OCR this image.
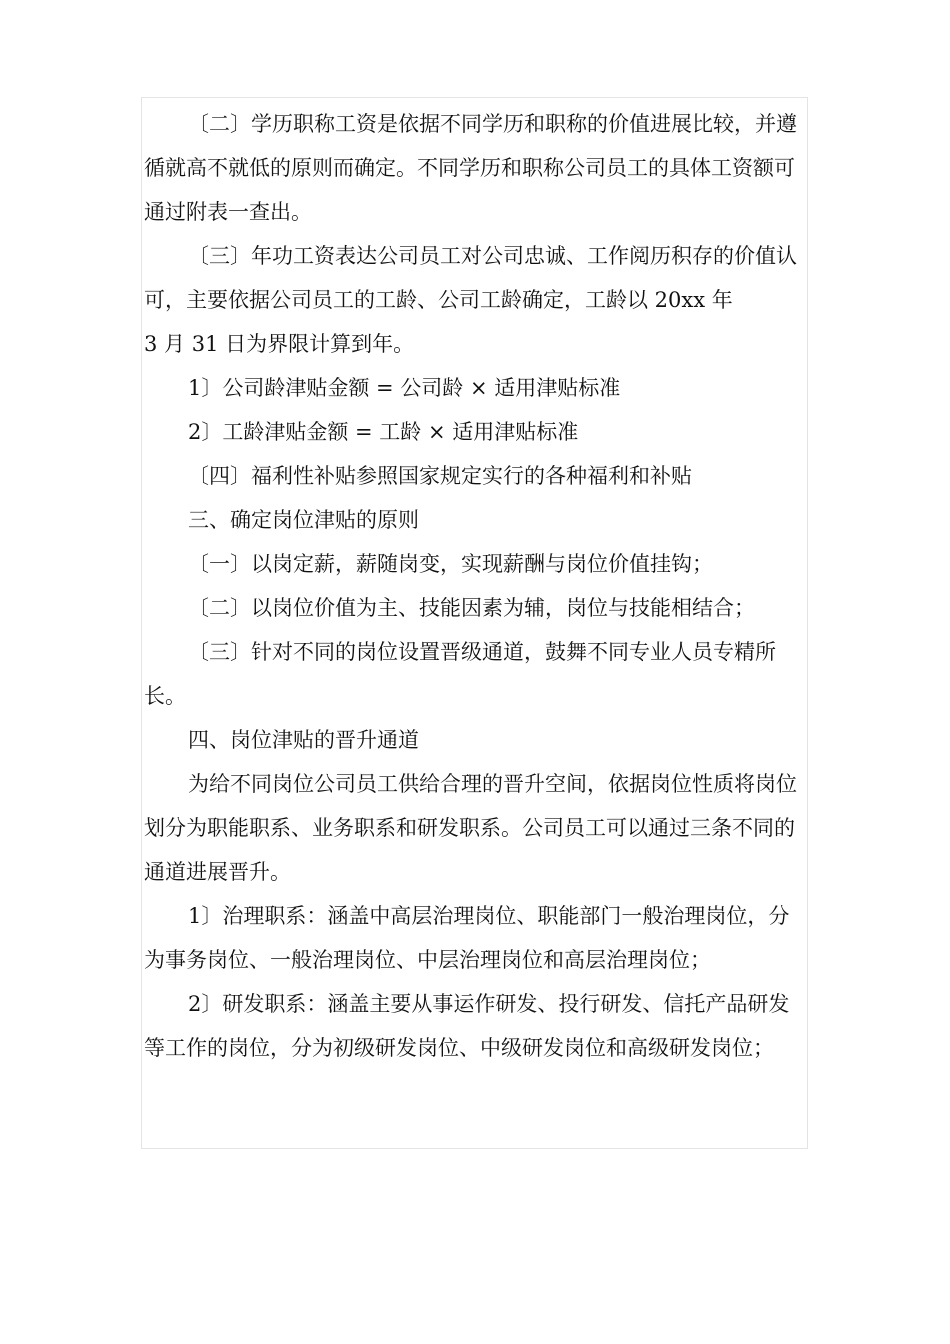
〔二〕学历职称工资是依据不同学历和职称的价值进展比较，并遵循就高不就低的原则而确定。不同学历和职称公司员工的具体工资额可通过附表一查出。

〔三〕年功工资表达公司员工对公司忠诚、工作阅历积存的价值认可，主要依据公司员工的工龄、公司工龄确定，工龄以 20xx 年

3 月 31 日为界限计算到年。

1〕公司龄津贴金额 = 公司龄 × 适用津贴标准

2〕工龄津贴金额 = 工龄 × 适用津贴标准

〔四〕福利性补贴参照国家规定实行的各种福利和补贴

三、确定岗位津贴的原则

〔一〕以岗定薪，薪随岗变，实现薪酬与岗位价值挂钩；

〔二〕以岗位价值为主、技能因素为辅，岗位与技能相结合；

〔三〕针对不同的岗位设置晋级通道，鼓舞不同专业人员专精所长。

四、岗位津贴的晋升通道

为给不同岗位公司员工供给合理的晋升空间，依据岗位性质将岗位划分为职能职系、业务职系和研发职系。公司员工可以通过三条不同的通道进展晋升。

1〕治理职系：涵盖中高层治理岗位、职能部门一般治理岗位，分为事务岗位、一般治理岗位、中层治理岗位和高层治理岗位；

2〕研发职系：涵盖主要从事运作研发、投行研发、信托产品研发等工作的岗位，分为初级研发岗位、中级研发岗位和高级研发岗位；
